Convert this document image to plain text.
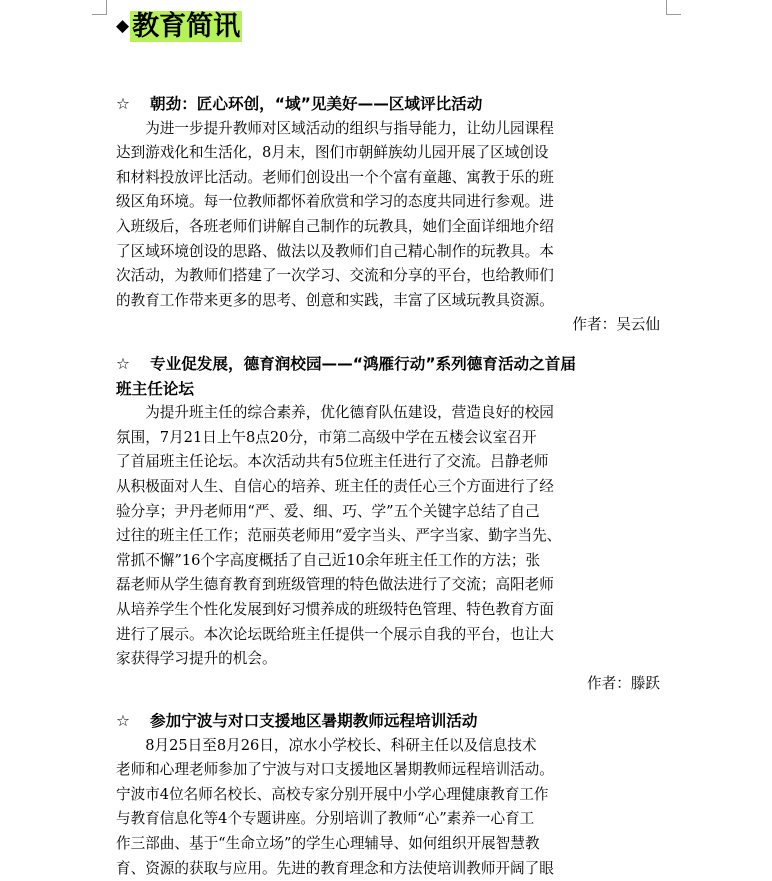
◆ 教育简讯
☆ 朝劲：匠心环创，“域”见美好——区域评比活动
　　为进一步提升教师对区域活动的组织与指导能力，让幼儿园课程
达到游戏化和生活化，8月末，图们市朝鲜族幼儿园开展了区域创设
和材料投放评比活动。老师们创设出一个个富有童趣、寓教于乐的班
级区角环境。每一位教师都怀着欣赏和学习的态度共同进行参观。进
入班级后，各班老师们讲解自己制作的玩教具，她们全面详细地介绍
了区域环境创设的思路、做法以及教师们自己精心制作的玩教具。本
次活动，为教师们搭建了一次学习、交流和分享的平台，也给教师们
的教育工作带来更多的思考、创意和实践，丰富了区域玩教具资源。
作者：吴云仙
☆ 专业促发展，德育润校园——“鸿雁行动”系列德育活动之首届
班主任论坛
　　为提升班主任的综合素养，优化德育队伍建设，营造良好的校园
氛围，7月21日上午8点20分，市第二高级中学在五楼会议室召开
了首届班主任论坛。本次活动共有5位班主任进行了交流。吕静老师
从积极面对人生、自信心的培养、班主任的责任心三个方面进行了经
验分享；尹丹老师用“严、爱、细、巧、学”五个关键字总结了自己
过往的班主任工作；范丽英老师用“爱字当头、严字当家、勤字当先、
常抓不懈”16个字高度概括了自己近10余年班主任工作的方法；张
磊老师从学生德育教育到班级管理的特色做法进行了交流；高阳老师
从培养学生个性化发展到好习惯养成的班级特色管理、特色教育方面
进行了展示。本次论坛既给班主任提供一个展示自我的平台，也让大
家获得学习提升的机会。
作者：滕跃
☆ 参加宁波与对口支援地区暑期教师远程培训活动
　　8月25日至8月26日，凉水小学校长、科研主任以及信息技术
老师和心理老师参加了宁波与对口支援地区暑期教师远程培训活动。
宁波市4位名师名校长、高校专家分别开展中小学心理健康教育工作
与教育信息化等4个专题讲座。分别培训了教师“心”素养一心育工
作三部曲、基于“生命立场”的学生心理辅导、如何组织开展智慧教
育、资源的获取与应用。先进的教育理念和方法使培训教师开阔了眼
